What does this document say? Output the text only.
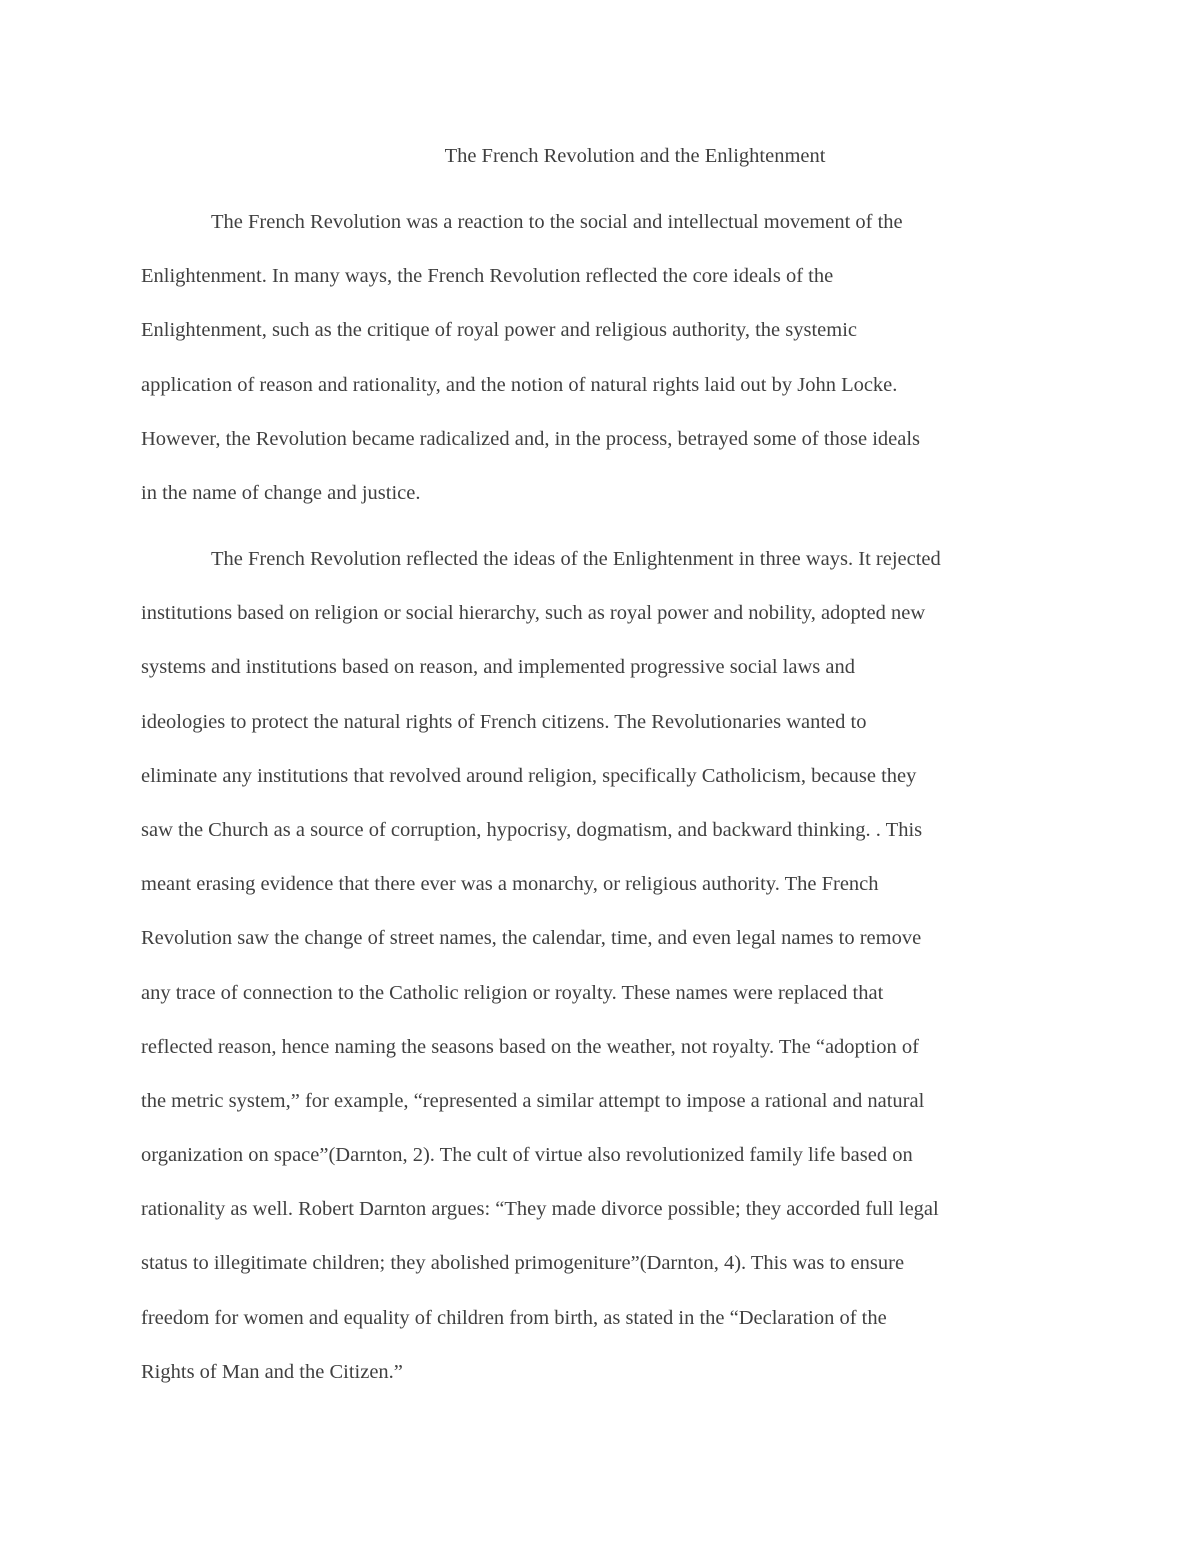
The French Revolution and the Enlightenment
The French Revolution was a reaction to the social and intellectual movement of the
Enlightenment. In many ways, the French Revolution reflected the core ideals of the
Enlightenment, such as the critique of royal power and religious authority, the systemic
application of reason and rationality, and the notion of natural rights laid out by John Locke.
However, the Revolution became radicalized and, in the process, betrayed some of those ideals
in the name of change and justice.
The French Revolution reflected the ideas of the Enlightenment in three ways. It rejected
institutions based on religion or social hierarchy, such as royal power and nobility, adopted new
systems and institutions based on reason, and implemented progressive social laws and
ideologies to protect the natural rights of French citizens. The Revolutionaries wanted to
eliminate any institutions that revolved around religion, specifically Catholicism, because they
saw the Church as a source of corruption, hypocrisy, dogmatism, and backward thinking. . This
meant erasing evidence that there ever was a monarchy, or religious authority. The French
Revolution saw the change of street names, the calendar, time, and even legal names to remove
any trace of connection to the Catholic religion or royalty. These names were replaced that
reflected reason, hence naming the seasons based on the weather, not royalty. The “adoption of
the metric system,” for example, “represented a similar attempt to impose a rational and natural
organization on space”(Darnton, 2). The cult of virtue also revolutionized family life based on
rationality as well. Robert Darnton argues: “They made divorce possible; they accorded full legal
status to illegitimate children; they abolished primogeniture”(Darnton, 4). This was to ensure
freedom for women and equality of children from birth, as stated in the “Declaration of the
Rights of Man and the Citizen.”
